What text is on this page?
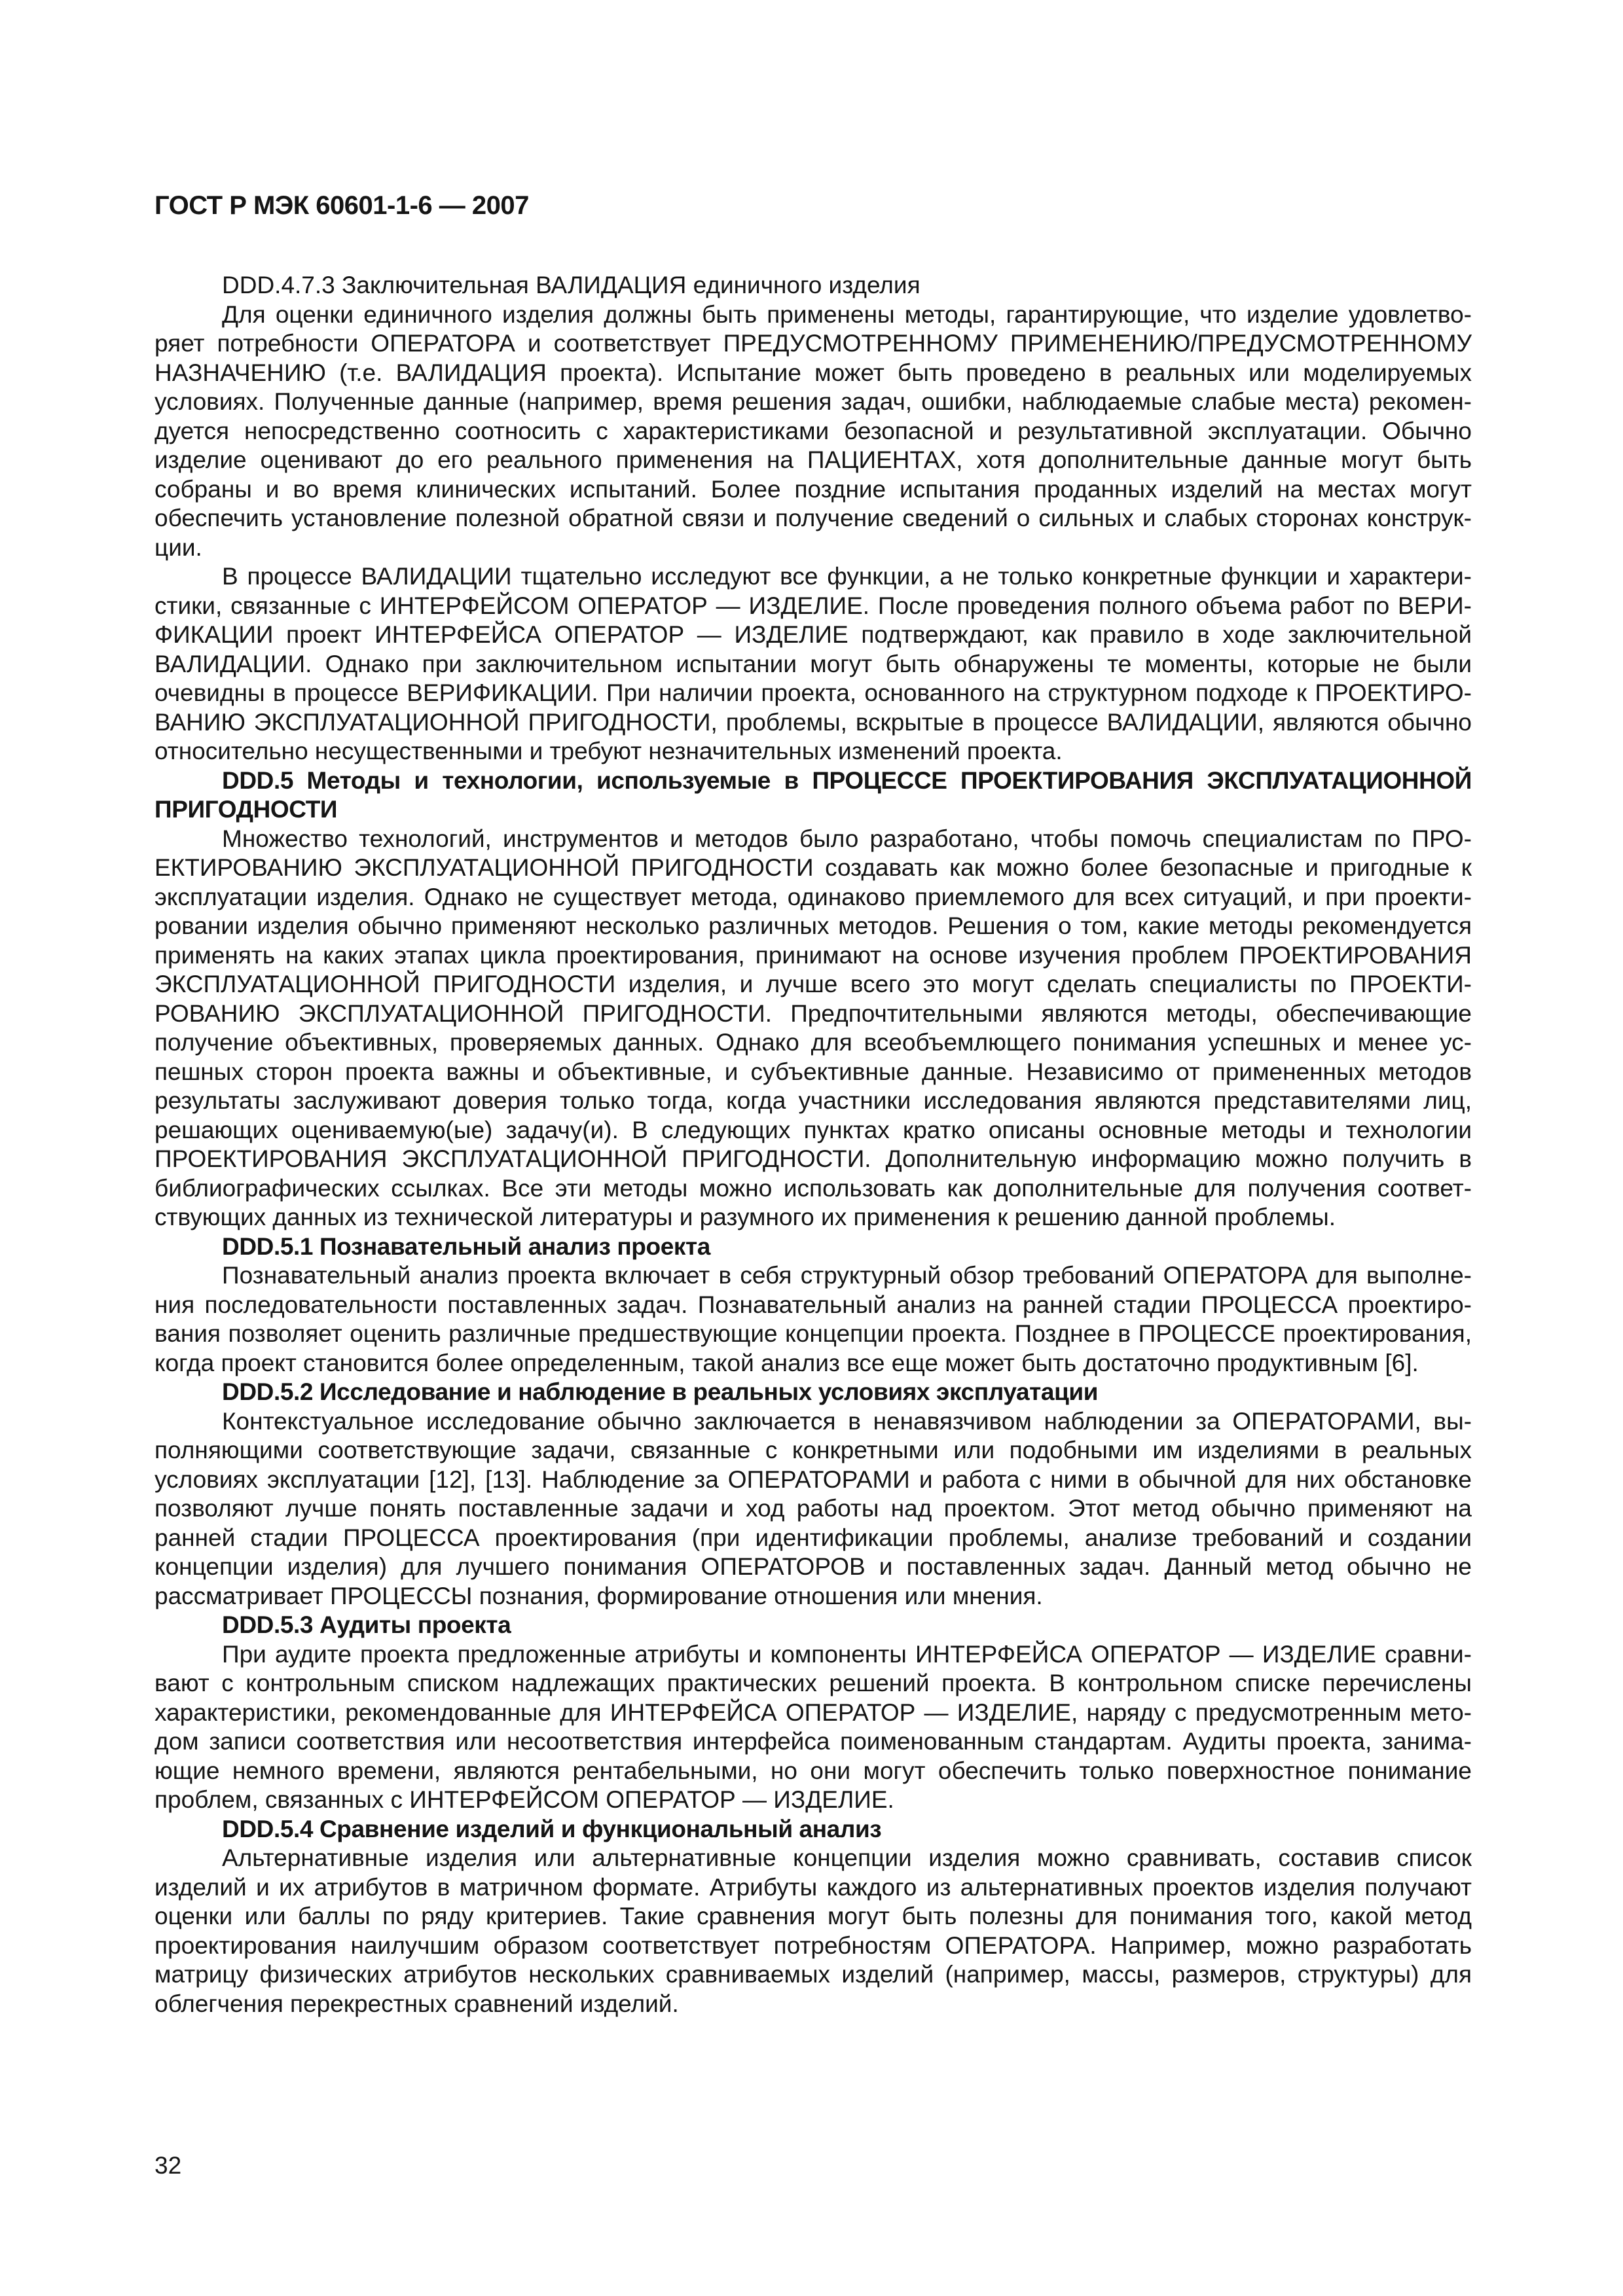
ГОСТ Р МЭК 60601-1-6 — 2007

DDD.4.7.3 Заключительная ВАЛИДАЦИЯ единичного изделия

Для оценки единичного изделия должны быть применены методы, гарантирующие, что изделие удовлетворяет потребности ОПЕРАТОРА и соответствует ПРЕДУСМОТРЕННОМУ ПРИМЕНЕНИЮ/ПРЕДУСМОТРЕННОМУ НАЗНАЧЕНИЮ (т.е. ВАЛИДАЦИЯ проекта). Испытание может быть проведено в реальных или моделируемых условиях. Полученные данные (например, время решения задач, ошибки, наблюдаемые слабые места) рекомендуется непосредственно соотносить с характеристиками безопасной и результативной эксплуатации. Обычно изделие оценивают до его реального применения на ПАЦИЕНТАХ, хотя дополнительные данные могут быть собраны и во время клинических испытаний. Более поздние испытания проданных изделий на местах могут обеспечить установление полезной обратной связи и получение сведений о сильных и слабых сторонах конструкции.

В процессе ВАЛИДАЦИИ тщательно исследуют все функции, а не только конкретные функции и характеристики, связанные с ИНТЕРФЕЙСОМ ОПЕРАТОР — ИЗДЕЛИЕ. После проведения полного объема работ по ВЕРИФИКАЦИИ проект ИНТЕРФЕЙСА ОПЕРАТОР — ИЗДЕЛИЕ подтверждают, как правило в ходе заключительной ВАЛИДАЦИИ. Однако при заключительном испытании могут быть обнаружены те моменты, которые не были очевидны в процессе ВЕРИФИКАЦИИ. При наличии проекта, основанного на структурном подходе к ПРОЕКТИРОВАНИЮ ЭКСПЛУАТАЦИОННОЙ ПРИГОДНОСТИ, проблемы, вскрытые в процессе ВАЛИДАЦИИ, являются обычно относительно несущественными и требуют незначительных изменений проекта.

DDD.5 Методы и технологии, используемые в ПРОЦЕССЕ ПРОЕКТИРОВАНИЯ ЭКСПЛУАТАЦИОННОЙ ПРИГОДНОСТИ

Множество технологий, инструментов и методов было разработано, чтобы помочь специалистам по ПРОЕКТИРОВАНИЮ ЭКСПЛУАТАЦИОННОЙ ПРИГОДНОСТИ создавать как можно более безопасные и пригодные к эксплуатации изделия. Однако не существует метода, одинаково приемлемого для всех ситуаций, и при проектировании изделия обычно применяют несколько различных методов. Решения о том, какие методы рекомендуется применять на каких этапах цикла проектирования, принимают на основе изучения проблем ПРОЕКТИРОВАНИЯ ЭКСПЛУАТАЦИОННОЙ ПРИГОДНОСТИ изделия, и лучше всего это могут сделать специалисты по ПРОЕКТИРОВАНИЮ ЭКСПЛУАТАЦИОННОЙ ПРИГОДНОСТИ. Предпочтительными являются методы, обеспечивающие получение объективных, проверяемых данных. Однако для всеобъемлющего понимания успешных и менее успешных сторон проекта важны и объективные, и субъективные данные. Независимо от примененных методов результаты заслуживают доверия только тогда, когда участники исследования являются представителями лиц, решающих оцениваемую(ые) задачу(и). В следующих пунктах кратко описаны основные методы и технологии ПРОЕКТИРОВАНИЯ ЭКСПЛУАТАЦИОННОЙ ПРИГОДНОСТИ. Дополнительную информацию можно получить в библиографических ссылках. Все эти методы можно использовать как дополнительные для получения соответствующих данных из технической литературы и разумного их применения к решению данной проблемы.

DDD.5.1 Познавательный анализ проекта

Познавательный анализ проекта включает в себя структурный обзор требований ОПЕРАТОРА для выполнения последовательности поставленных задач. Познавательный анализ на ранней стадии ПРОЦЕССА проектирования позволяет оценить различные предшествующие концепции проекта. Позднее в ПРОЦЕССЕ проектирования, когда проект становится более определенным, такой анализ все еще может быть достаточно продуктивным [6].

DDD.5.2 Исследование и наблюдение в реальных условиях эксплуатации

Контекстуальное исследование обычно заключается в ненавязчивом наблюдении за ОПЕРАТОРАМИ, выполняющими соответствующие задачи, связанные с конкретными или подобными им изделиями в реальных условиях эксплуатации [12], [13]. Наблюдение за ОПЕРАТОРАМИ и работа с ними в обычной для них обстановке позволяют лучше понять поставленные задачи и ход работы над проектом. Этот метод обычно применяют на ранней стадии ПРОЦЕССА проектирования (при идентификации проблемы, анализе требований и создании концепции изделия) для лучшего понимания ОПЕРАТОРОВ и поставленных задач. Данный метод обычно не рассматривает ПРОЦЕССЫ познания, формирование отношения или мнения.

DDD.5.3 Аудиты проекта

При аудите проекта предложенные атрибуты и компоненты ИНТЕРФЕЙСА ОПЕРАТОР — ИЗДЕЛИЕ сравнивают с контрольным списком надлежащих практических решений проекта. В контрольном списке перечислены характеристики, рекомендованные для ИНТЕРФЕЙСА ОПЕРАТОР — ИЗДЕЛИЕ, наряду с предусмотренным методом записи соответствия или несоответствия интерфейса поименованным стандартам. Аудиты проекта, занимающие немного времени, являются рентабельными, но они могут обеспечить только поверхностное понимание проблем, связанных с ИНТЕРФЕЙСОМ ОПЕРАТОР — ИЗДЕЛИЕ.

DDD.5.4 Сравнение изделий и функциональный анализ

Альтернативные изделия или альтернативные концепции изделия можно сравнивать, составив список изделий и их атрибутов в матричном формате. Атрибуты каждого из альтернативных проектов изделия получают оценки или баллы по ряду критериев. Такие сравнения могут быть полезны для понимания того, какой метод проектирования наилучшим образом соответствует потребностям ОПЕРАТОРА. Например, можно разработать матрицу физических атрибутов нескольких сравниваемых изделий (например, массы, размеров, структуры) для облегчения перекрестных сравнений изделий.

32
